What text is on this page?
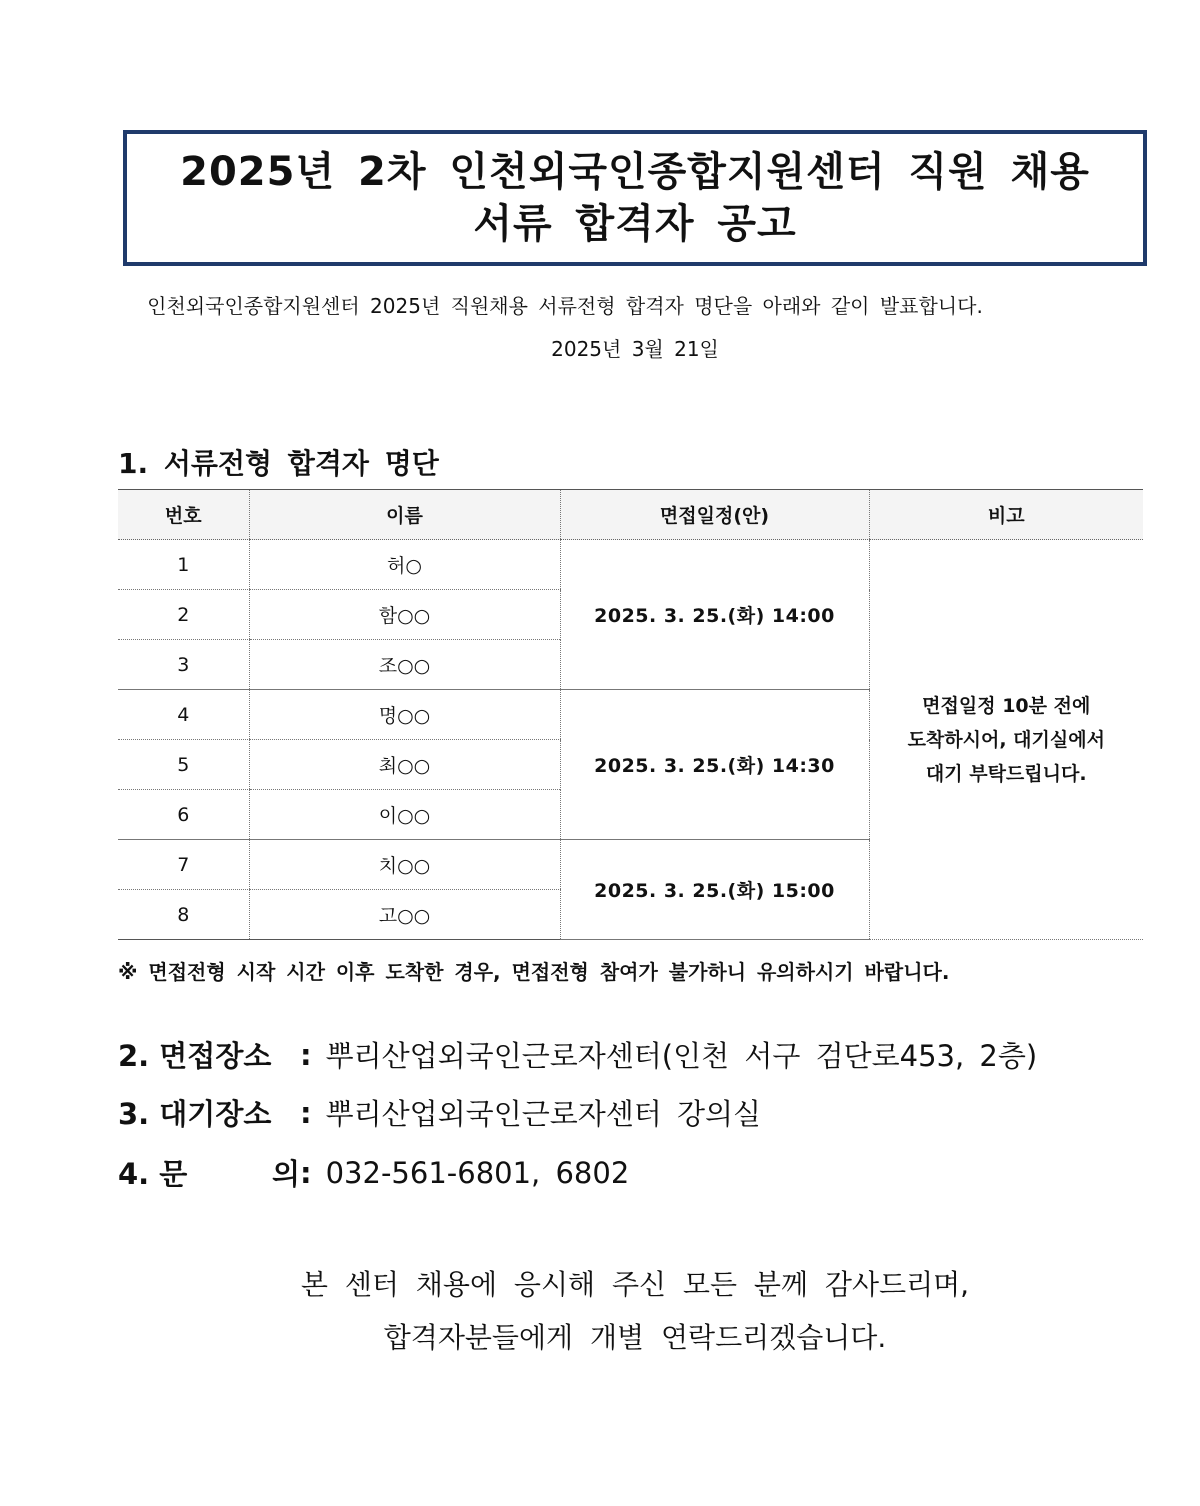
2025년 2차 인천외국인종합지원센터 직원 채용
서류 합격자 공고
인천외국인종합지원센터 2025년 직원채용 서류전형 합격자 명단을 아래와 같이 발표합니다.
2025년 3월 21일
1. 서류전형 합격자 명단
번호	이름	면접일정(안)	비고
1	허○	2025. 3. 25.(화) 14:00	면접일정 10분 전에
도착하시어, 대기실에서
대기 부탁드립니다.

2	함○○		
3	조○○		
4	명○○	2025. 3. 25.(화) 14:30	
5	최○○		
6	이○○		
7	치○○	2025. 3. 25.(화) 15:00	
8	고○○		
※ 면접전형 시작 시간 이후 도착한 경우, 면접전형 참여가 불가하니 유의하시기 바랍니다.
2. 면접장소 : 뿌리산업외국인근로자센터(인천 서구 검단로453, 2층)
3. 대기장소 : 뿌리산업외국인근로자센터 강의실
4. 문	의 : 032-561-6801, 6802
본 센터 채용에 응시해 주신 모든 분께 감사드리며,
합격자분들에게 개별 연락드리겠습니다.
